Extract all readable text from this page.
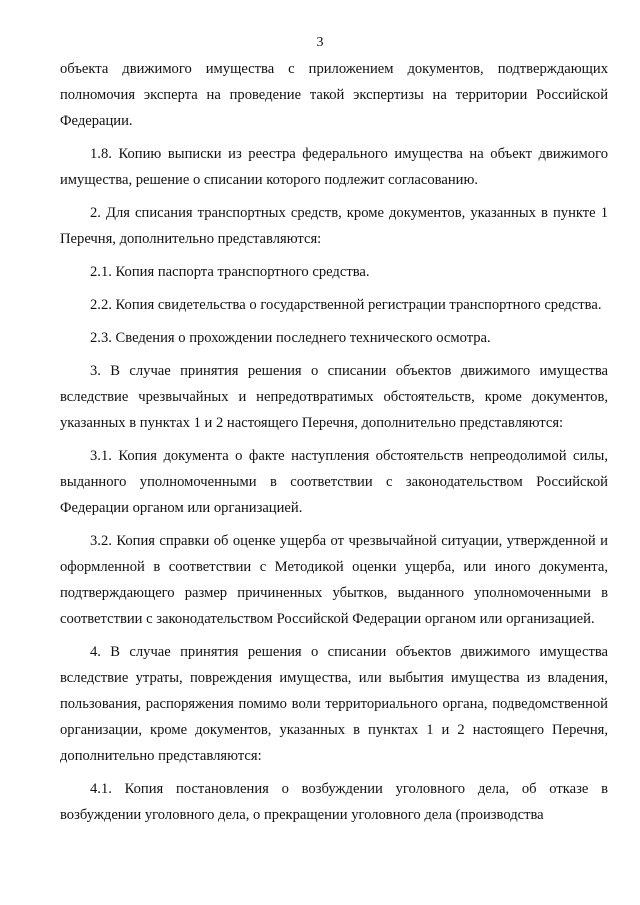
3

объекта движимого имущества с приложением документов, подтверждающих полномочия эксперта на проведение такой экспертизы на территории Российской Федерации.

1.8. Копию выписки из реестра федерального имущества на объект движимого имущества, решение о списании которого подлежит согласованию.

2. Для списания транспортных средств, кроме документов, указанных в пункте 1 Перечня, дополнительно представляются:

2.1. Копия паспорта транспортного средства.

2.2. Копия свидетельства о государственной регистрации транспортного средства.

2.3. Сведения о прохождении последнего технического осмотра.

3. В случае принятия решения о списании объектов движимого имущества вследствие чрезвычайных и непредотвратимых обстоятельств, кроме документов, указанных в пунктах 1 и 2 настоящего Перечня, дополнительно представляются:

3.1. Копия документа о факте наступления обстоятельств непреодолимой силы, выданного уполномоченными в соответствии с законодательством Российской Федерации органом или организацией.

3.2. Копия справки об оценке ущерба от чрезвычайной ситуации, утвержденной и оформленной в соответствии с Методикой оценки ущерба, или иного документа, подтверждающего размер причиненных убытков, выданного уполномоченными в соответствии с законодательством Российской Федерации органом или организацией.

4. В случае принятия решения о списании объектов движимого имущества вследствие утраты, повреждения имущества, или выбытия имущества из владения, пользования, распоряжения помимо воли территориального органа, подведомственной организации, кроме документов, указанных в пунктах 1 и 2 настоящего Перечня, дополнительно представляются:

4.1. Копия постановления о возбуждении уголовного дела, об отказе в возбуждении уголовного дела, о прекращении уголовного дела (производства
